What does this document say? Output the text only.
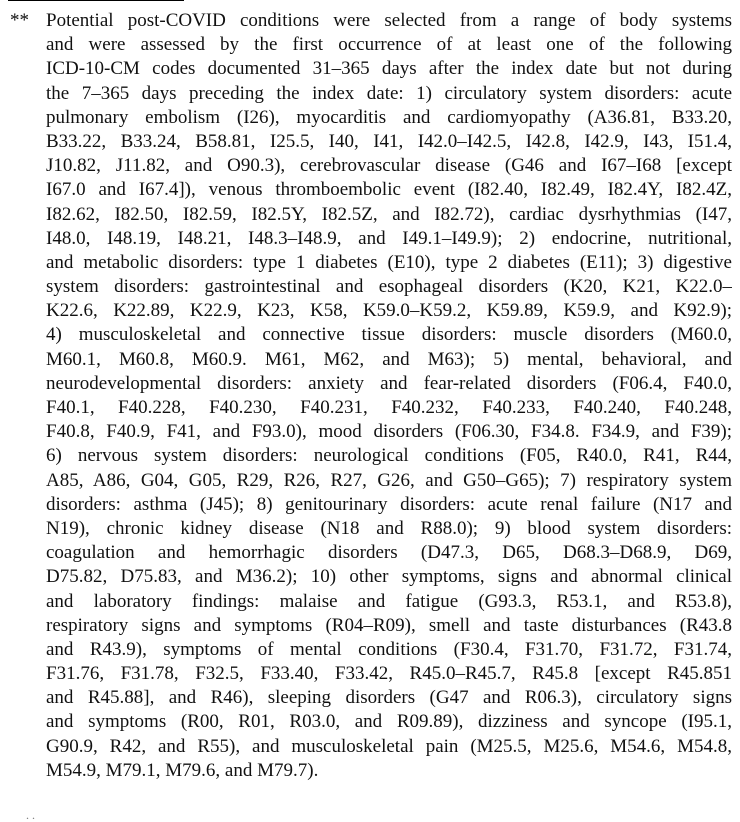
** Potential post-COVID conditions were selected from a range of body systems
and were assessed by the first occurrence of at least one of the following
ICD-10-CM codes documented 31–365 days after the index date but not during
the 7–365 days preceding the index date: 1) circulatory system disorders: acute
pulmonary embolism (I26), myocarditis and cardiomyopathy (A36.81, B33.20,
B33.22, B33.24, B58.81, I25.5, I40, I41, I42.0–I42.5, I42.8, I42.9, I43, I51.4,
J10.82, J11.82, and O90.3), cerebrovascular disease (G46 and I67–I68 [except
I67.0 and I67.4]), venous thromboembolic event (I82.40, I82.49, I82.4Y, I82.4Z,
I82.62, I82.50, I82.59, I82.5Y, I82.5Z, and I82.72), cardiac dysrhythmias (I47,
I48.0, I48.19, I48.21, I48.3–I48.9, and I49.1–I49.9); 2) endocrine, nutritional,
and metabolic disorders: type 1 diabetes (E10), type 2 diabetes (E11); 3) digestive
system disorders: gastrointestinal and esophageal disorders (K20, K21, K22.0–
K22.6, K22.89, K22.9, K23, K58, K59.0–K59.2, K59.89, K59.9, and K92.9);
4) musculoskeletal and connective tissue disorders: muscle disorders (M60.0,
M60.1, M60.8, M60.9. M61, M62, and M63); 5) mental, behavioral, and
neurodevelopmental disorders: anxiety and fear-related disorders (F06.4, F40.0,
F40.1, F40.228, F40.230, F40.231, F40.232, F40.233, F40.240, F40.248,
F40.8, F40.9, F41, and F93.0), mood disorders (F06.30, F34.8. F34.9, and F39);
6) nervous system disorders: neurological conditions (F05, R40.0, R41, R44,
A85, A86, G04, G05, R29, R26, R27, G26, and G50–G65); 7) respiratory system
disorders: asthma (J45); 8) genitourinary disorders: acute renal failure (N17 and
N19), chronic kidney disease (N18 and R88.0); 9) blood system disorders:
coagulation and hemorrhagic disorders (D47.3, D65, D68.3–D68.9, D69,
D75.82, D75.83, and M36.2); 10) other symptoms, signs and abnormal clinical
and laboratory findings: malaise and fatigue (G93.3, R53.1, and R53.8),
respiratory signs and symptoms (R04–R09), smell and taste disturbances (R43.8
and R43.9), symptoms of mental conditions (F30.4, F31.70, F31.72, F31.74,
F31.76, F31.78, F32.5, F33.40, F33.42, R45.0–R45.7, R45.8 [except R45.851
and R45.88], and R46), sleeping disorders (G47 and R06.3), circulatory signs
and symptoms (R00, R01, R03.0, and R09.89), dizziness and syncope (I95.1,
G90.9, R42, and R55), and musculoskeletal pain (M25.5, M25.6, M54.6, M54.8,
M54.9, M79.1, M79.6, and M79.7).
..
